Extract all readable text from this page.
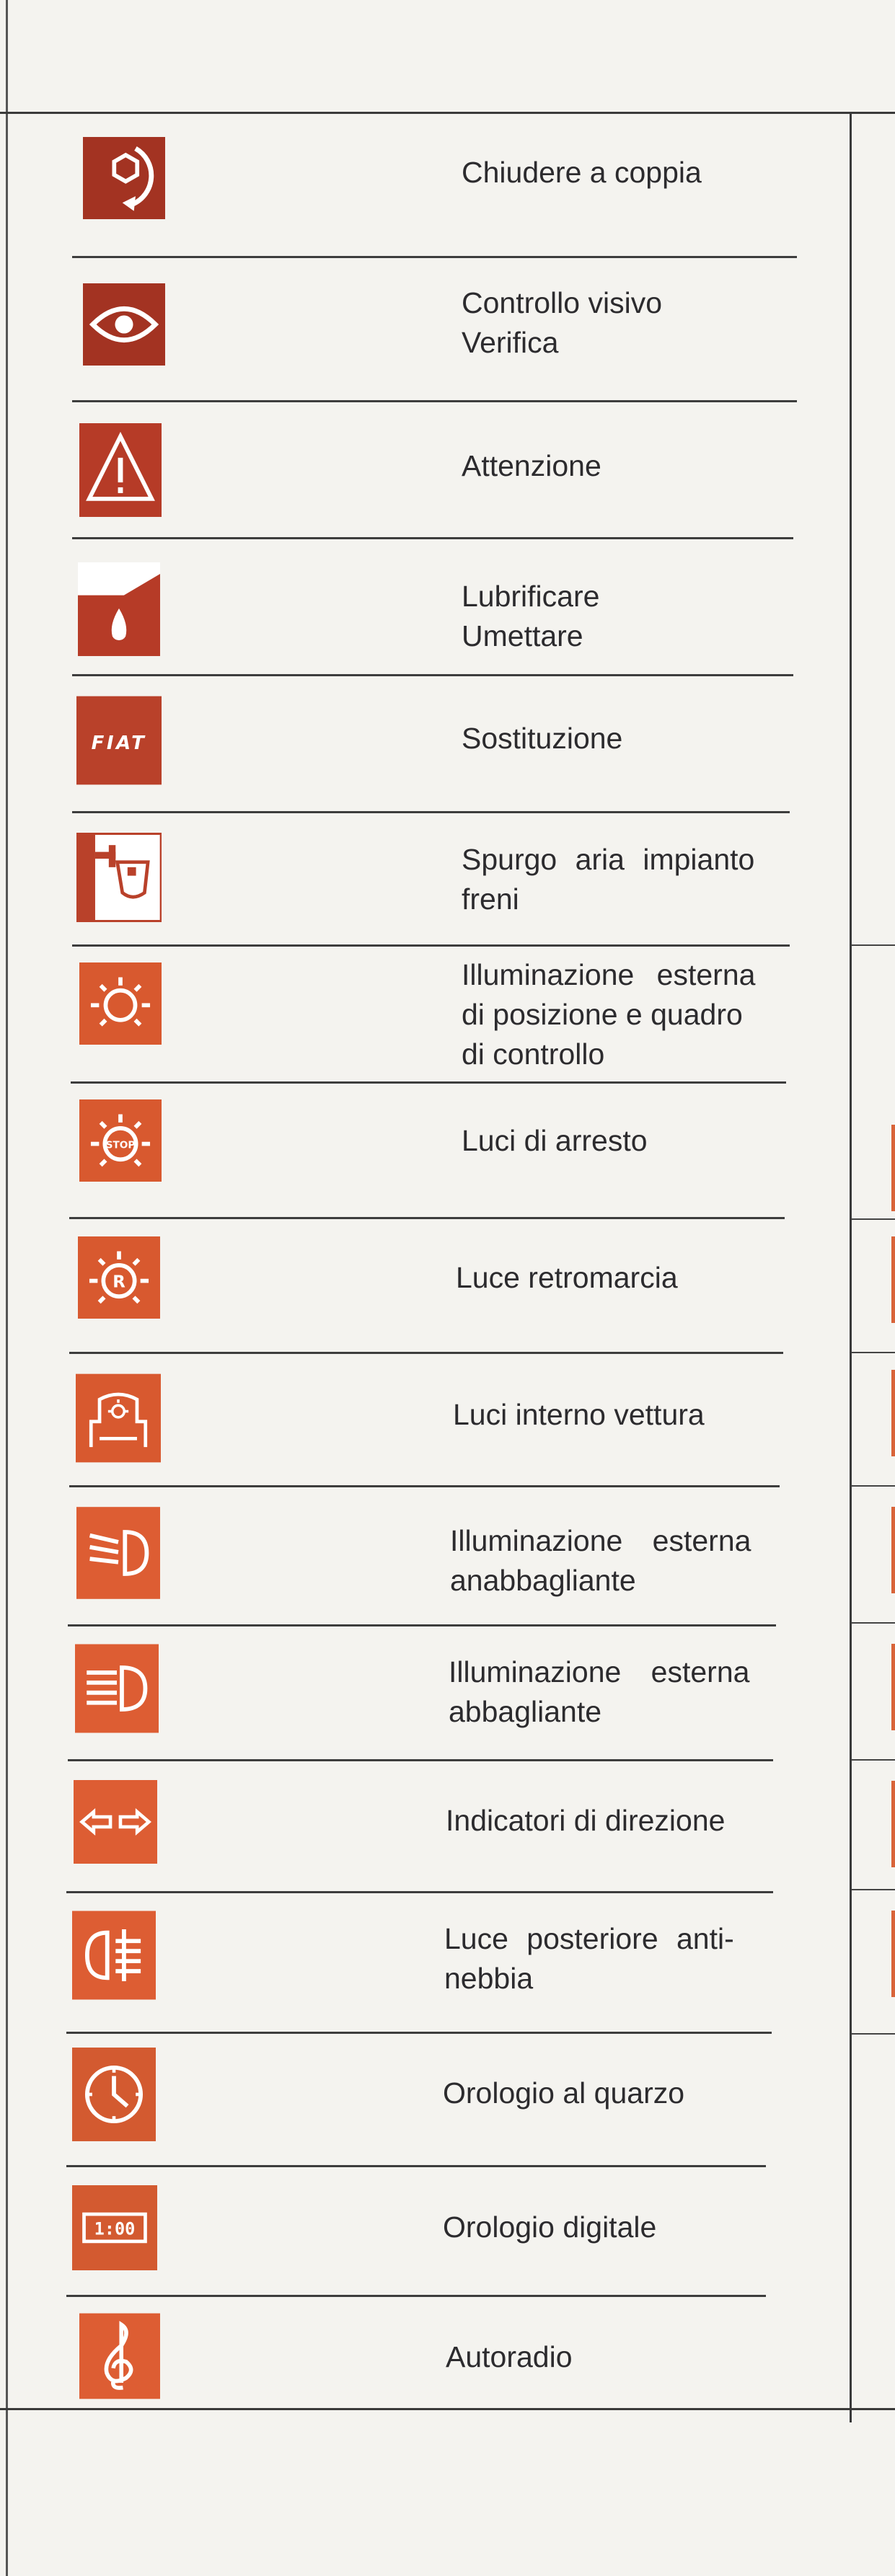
Chiudere a coppia
Controllo visivo
Verifica
Attenzione
Lubrificare
Umettare
FIAT	Sostituzione
Spurgo aria impianto
freni
Illuminazione esterna
di posizione e quadro
di controllo
STOP	Luci di arresto
R	Luce retromarcia
Luci interno vettura
Illuminazione esterna
anabbagliante
Illuminazione esterna
abbagliante
Indicatori di direzione
Luce posteriore anti-
nebbia
Orologio al quarzo
1:00	Orologio digitale
Autoradio
